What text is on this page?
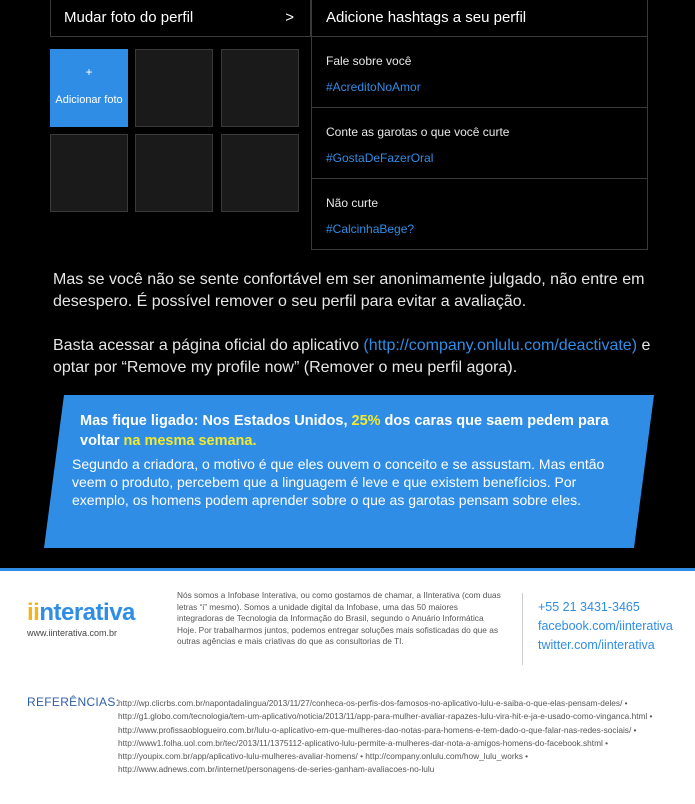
Mudar foto do perfil	>
+
Adicionar foto
Adicione hashtags a seu perfil
Fale sobre você
#AcreditoNoAmor
Conte as garotas o que você curte
#GostaDeFazerOral
Não curte
#CalcinhaBege?

Mas se você não se sente confortável em ser anonimamente julgado, não entre em desespero. É possível remover o seu perfil para evitar a avaliação.

Basta acessar a página oficial do aplicativo (http://company.onlulu.com/deactivate) e optar por “Remove my profile now” (Remover o meu perfil agora).

Mas fique ligado: Nos Estados Unidos, 25% dos caras que saem pedem para voltar na mesma semana.
Segundo a criadora, o motivo é que eles ouvem o conceito e se assustam. Mas então veem o produto, percebem que a linguagem é leve e que existem benefícios. Por exemplo, os homens podem aprender sobre o que as garotas pensam sobre eles.
iinterativa
www.iinterativa.com.br
Nós somos a Infobase Interativa, ou como gostamos de chamar, a IInterativa (com duas letras “i” mesmo). Somos a unidade digital da Infobase, uma das 50 maiores integradoras de Tecnologia da Informação do Brasil, segundo o Anuário Informática Hoje. Por trabalharmos juntos, podemos entregar soluções mais sofisticadas do que as outras agências e mais criativas do que as consultorias de TI.
+55 21 3431-3465
facebook.com/iinterativa
twitter.com/iinterativa
REFERÊNCIAS:
http://wp.clicrbs.com.br/napontadalingua/2013/11/27/conheca-os-perfis-dos-famosos-no-aplicativo-lulu-e-saiba-o-que-elas-pensam-deles/ • http://g1.globo.com/tecnologia/tem-um-aplicativo/noticia/2013/11/app-para-mulher-avaliar-rapazes-lulu-vira-hit-e-ja-e-usado-como-vinganca.html • http://www.profissaoblogueiro.com.br/lulu-o-aplicativo-em-que-mulheres-dao-notas-para-homens-e-tem-dado-o-que-falar-nas-redes-sociais/ • http://www1.folha.uol.com.br/tec/2013/11/1375112-aplicativo-lulu-permite-a-mulheres-dar-nota-a-amigos-homens-do-facebook.shtml • http://youpix.com.br/app/aplicativo-lulu-mulheres-avaliar-homens/ • http://company.onlulu.com/how_lulu_works • http://www.adnews.com.br/internet/personagens-de-series-ganham-avaliacoes-no-lulu
